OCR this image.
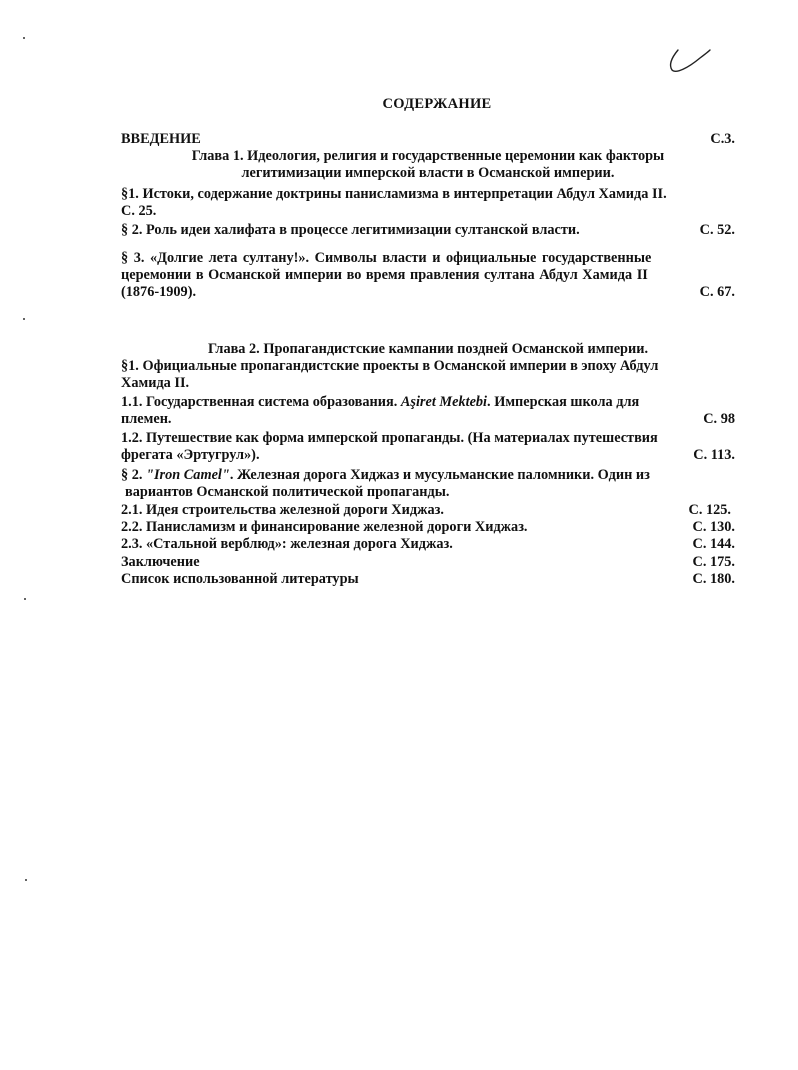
СОДЕРЖАНИЕ
ВВЕДЕНИЕ	С.3.
Глава 1. Идеология, религия и государственные церемонии как факторы
легитимизации имперской власти в Османской империи.
§1. Истоки, содержание доктрины панисламизма в интерпретации Абдул Хамида II.
С. 25.
§ 2. Роль идеи халифата в процессе легитимизации султанской власти.	С. 52.
§ 3. «Долгие лета султану!». Символы власти и официальные государственные
церемонии в Османской империи во время правления султана Абдул Хамида II
(1876-1909).	С. 67.
Глава 2. Пропагандистские кампании поздней Османской империи.
§1. Официальные пропагандистские проекты в Османской империи в эпоху Абдул
Хамида II.
1.1. Государственная система образования. Aşiret Mektebi. Имперская школа для
племен.	С. 98
1.2. Путешествие как форма имперской пропаганды. (На материалах путешествия
фрегата «Эртугрул»).	С. 113.
§ 2. "Iron Camel". Железная дорога Хиджаз и мусульманские паломники. Один из
вариантов Османской политической пропаганды.
2.1. Идея строительства железной дороги Хиджаз.	С. 125.
2.2. Панисламизм и финансирование железной дороги Хиджаз.	С. 130.
2.3. «Стальной верблюд»: железная дорога Хиджаз.	С. 144.
Заключение	С. 175.
Список использованной литературы	С. 180.
